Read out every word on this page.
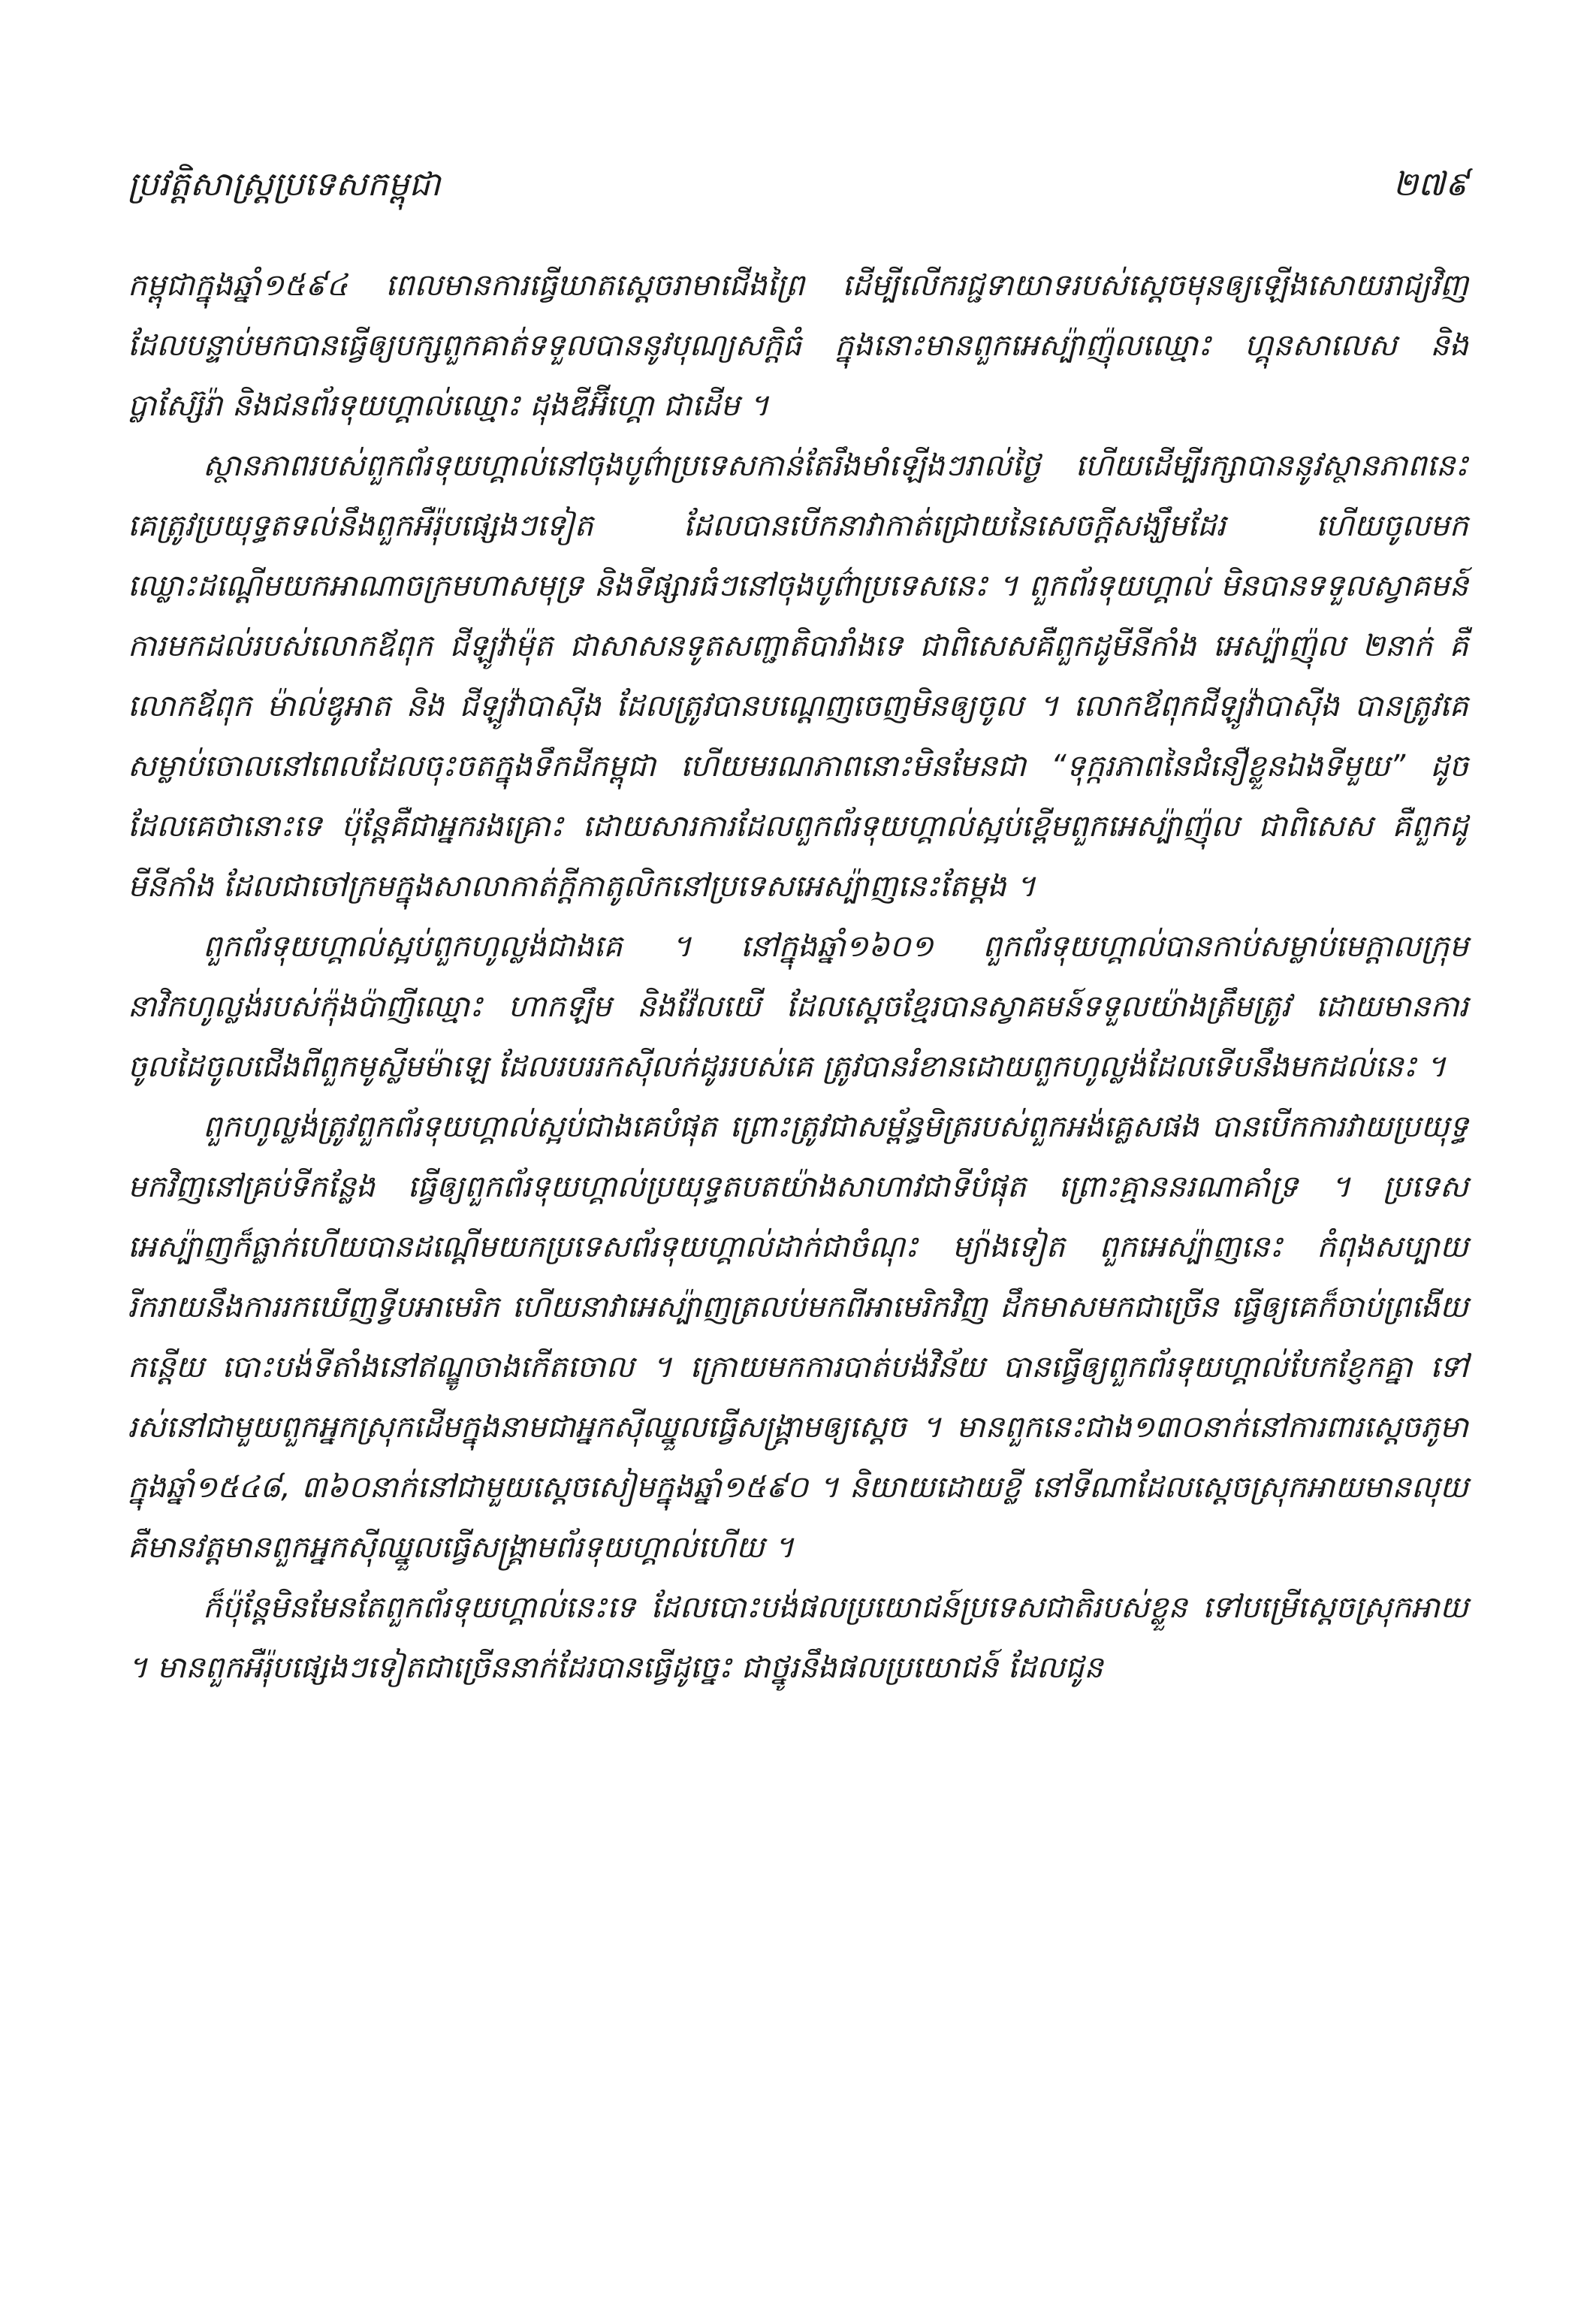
ប្រវត្តិសាស្ត្រប្រទេសកម្ពុជា	២៧៩

កម្ពុជាក្នុងឆ្នាំ១៥៩៤ ពេលមានការធ្វើឃាតស្តេចរាមាជើងព្រៃ ដើម្បីលើករជ្ជទាយាទរបស់ស្តេចមុនឲ្យឡើងសោយរាជ្យវិញ ដែលបន្ទាប់មកបានធ្វើឲ្យបក្សពួកគាត់ទទួលបាននូវបុណ្យសក្តិធំ ក្នុងនោះមានពួកអេស្ប៉ាញ៉ុលឈ្មោះ ហ្គុនសាលេស និងប្លាស្ស៊ែរ៉ា និងជនព័រទុយហ្គាល់ឈ្មោះ ដុងឌីអ៊ីហ្គោ ជាដើម ។

ស្ថានភាពរបស់ពួកព័រទុយហ្គាល់នៅចុងបូព៌ាប្រទេសកាន់តែរឹងមាំឡើងៗរាល់ថ្ងៃ ហើយដើម្បីរក្សាបាននូវស្ថានភាពនេះ គេត្រូវប្រយុទ្ធតទល់នឹងពួកអឺរ៉ុបផ្សេងៗទៀត ដែលបានបើកនាវាកាត់ជ្រោយនៃសេចក្តីសង្ឃឹមដែរ ហើយចូលមកឈ្លោះដណ្តើមយកអាណាចក្រមហាសមុទ្រ និងទីផ្សារធំៗនៅចុងបូព៌ាប្រទេសនេះ ។ ពួកព័រទុយហ្គាល់ មិនបានទទួលស្វាគមន៍ការមកដល់របស់លោកឪពុក ជីឡូវ៉ាម៉ុត ជាសាសនទូតសញ្ជាតិបារាំងទេ ជាពិសេសគឺពួកដូមីនីកាំង អេស្ប៉ាញ៉ុល ២នាក់ គឺលោកឪពុក ម៉ាល់ឌូអាត និង ជីឡូវ៉ាបាស៊ីង ដែលត្រូវបានបណ្តេញចេញមិនឲ្យចូល ។ លោកឪពុកជីឡូវ៉ាបាស៊ីង បានត្រូវគេសម្លាប់ចោលនៅពេលដែលចុះចតក្នុងទឹកដីកម្ពុជា ហើយមរណភាពនោះមិនមែនជា “ទុក្ករភាពនៃជំនឿខ្លួនឯងទីមួយ” ដូចដែលគេថានោះទេ ប៉ុន្តែគឺជាអ្នករងគ្រោះ ដោយសារការដែលពួកព័រទុយហ្គាល់ស្អប់ខ្ពើមពួកអេស្ប៉ាញ៉ុល ជាពិសេស គឺពួកដូមីនីកាំង ដែលជាចៅក្រមក្នុងសាលាកាត់ក្តីកាតូលិកនៅប្រទេសអេស្ប៉ាញនេះតែម្តង ។

ពួកព័រទុយហ្គាល់ស្អប់ពួកហូល្លង់ជាងគេ ។ នៅក្នុងឆ្នាំ១៦០១ ពួកព័រទុយហ្គាល់បានកាប់សម្លាប់មេក្តាលក្រុមនាវិកហូល្លង់របស់ក៉ុងប៉ាញីឈ្មោះ ហាកឡឹម និងវ៉ែលយើ ដែលស្តេចខ្មែរបានស្វាគមន៍ទទួលយ៉ាងត្រឹមត្រូវ ដោយមានការចូលដៃចូលជើងពីពួកមូស្លីមម៉ាឡេ ដែលរបររកស៊ីលក់ដូររបស់គេ ត្រូវបានរំខានដោយពួកហូល្លង់ដែលទើបនឹងមកដល់នេះ ។

ពួកហូល្លង់ត្រូវពួកព័រទុយហ្គាល់ស្អប់ជាងគេបំផុត ព្រោះត្រូវជាសម្ព័ន្ធមិត្ររបស់ពួកអង់គ្លេសផង បានបើកការវាយប្រយុទ្ធមកវិញនៅគ្រប់ទីកន្លែង ធ្វើឲ្យពួកព័រទុយហ្គាល់ប្រយុទ្ធតបតយ៉ាងសាហាវជាទីបំផុត ព្រោះគ្មាននរណាគាំទ្រ ។ ប្រទេសអេស្ប៉ាញក៏ធ្លាក់ហើយបានដណ្តើមយកប្រទេសព័រទុយហ្គាល់ដាក់ជាចំណុះ ម្យ៉ាងទៀត ពួកអេស្ប៉ាញនេះ កំពុងសប្បាយរីករាយនឹងការរកឃើញទ្វីបអាមេរិក ហើយនាវាអេស្ប៉ាញត្រលប់មកពីអាមេរិកវិញ ដឹកមាសមកជាច្រើន ធ្វើឲ្យគេក៏ចាប់ព្រងើយកន្តើយ បោះបង់ទីតាំងនៅឥណ្ឌូចាងកើតចោល ។ ក្រោយមកការបាត់បង់វិន័យ បានធ្វើឲ្យពួកព័រទុយហ្គាល់បែកខ្ញែកគ្នា ទៅរស់នៅជាមួយពួកអ្នកស្រុកដើមក្នុងនាមជាអ្នកស៊ីឈ្នួលធ្វើសង្គ្រាមឲ្យស្តេច ។ មានពួកនេះជាង១៣០នាក់នៅការពារស្តេចភូមាក្នុងឆ្នាំ១៥៤៨, ៣៦០នាក់នៅជាមួយស្តេចសៀមក្នុងឆ្នាំ១៥៩០ ។ និយាយដោយខ្លី នៅទីណាដែលស្តេចស្រុកអាយមានលុយ គឺមានវត្តមានពួកអ្នកស៊ីឈ្នួលធ្វើសង្គ្រាមព័រទុយហ្គាល់ហើយ ។

ក៏ប៉ុន្តែមិនមែនតែពួកព័រទុយហ្គាល់នេះទេ ដែលបោះបង់ផលប្រយោជន៍ប្រទេសជាតិរបស់ខ្លួន ទៅបម្រើស្តេចស្រុកអាយ ។ មានពួកអឺរ៉ុបផ្សេងៗទៀតជាច្រើននាក់ដែរបានធ្វើដូច្នេះ ជាថ្នូរនឹងផលប្រយោជន៍ ដែលជូន
